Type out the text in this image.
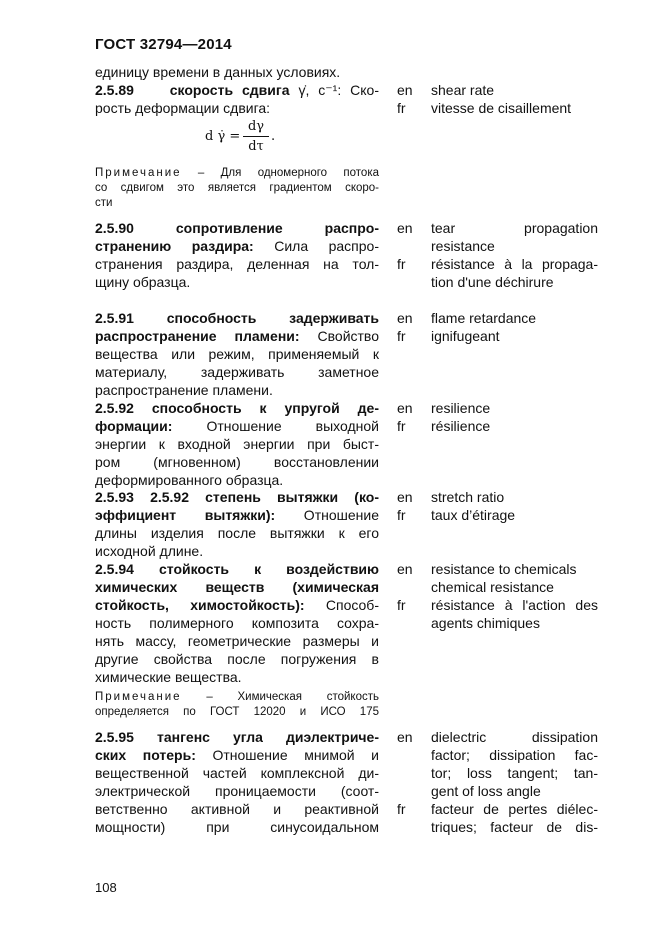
ГОСТ 32794—2014
единицу времени в данных условиях.
2.5.89	скорость сдвига γ̇, с⁻¹: Ско-
рость деформации сдвига:
d γ̇ =
dγ
dτ
.
Примечание – Для одномерного потока
со сдвигом это является градиентом скоро-
сти
en
fr
shear rate
vitesse de cisaillement
2.5.90 сопротивление распро-
странению раздира: Сила распро-
странения раздира, деленная на тол-
щину образца.
en
fr
tear propagation
resistance
résistance à la propaga-
tion d'une déchirure
2.5.91 способность задерживать
распространение пламени: Свойство
вещества или режим, применяемый к
материалу, задерживать заметное
распространение пламени.
en
fr
flame retardance
ignifugeant
2.5.92 способность к упругой де-
формации: Отношение выходной
энергии к входной энергии при быст-
ром (мгновенном) восстановлении
деформированного образца.
en
fr
resilience
résilience
2.5.93 2.5.92 степень вытяжки (ко-
эффициент вытяжки): Отношение
длины изделия после вытяжки к его
исходной длине.
en
fr
stretch ratio
taux d’étirage
2.5.94 стойкость к воздействию
химических веществ (химическая
стойкость, химостойкость): Способ-
ность полимерного композита сохра-
нять массу, геометрические размеры и
другие свойства после погружения в
химические вещества.
Примечание – Химическая стойкость
определяется по ГОСТ 12020 и ИСО 175
en
fr
resistance to chemicals
chemical resistance
résistance à l'action des
agents chimiques
2.5.95 тангенс угла диэлектриче-
ских потерь: Отношение мнимой и
вещественной частей комплексной ди-
электрической проницаемости (соот-
ветственно активной и реактивной
мощности) при синусоидальном
en
fr
dielectric dissipation
factor; dissipation fac-
tor; loss tangent; tan-
gent of loss angle
facteur de pertes diélec-
triques; facteur de dis-
108
